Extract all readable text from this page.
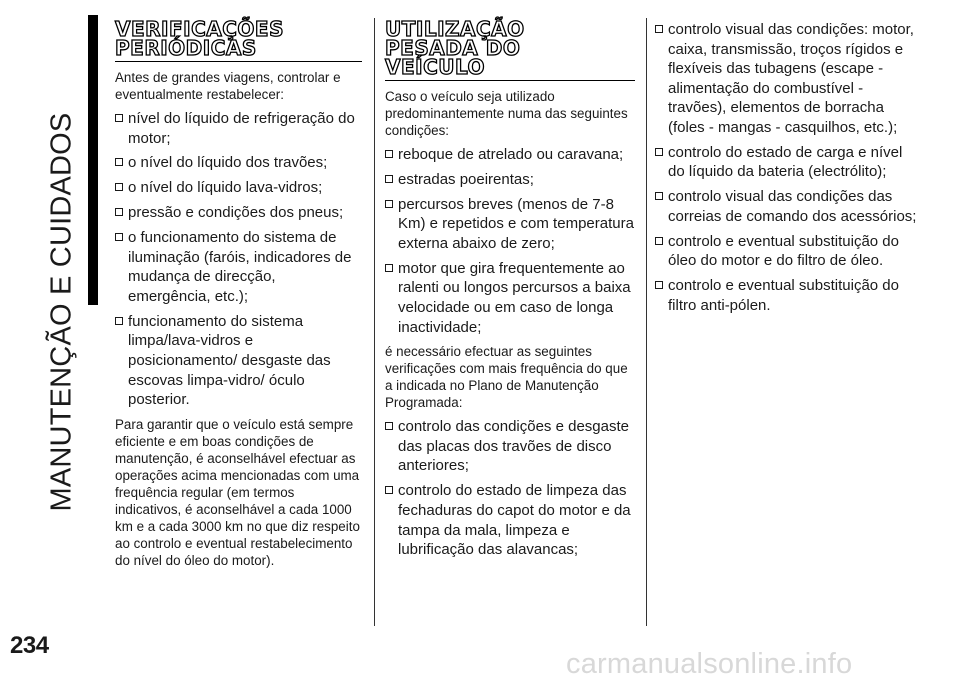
MANUTENÇÃO E CUIDADOS
234
VERIFICAÇÕES
PERIÓDICAS

Antes de grandes viagens, controlar e eventualmente restabelecer:

nível do líquido de refrigeração do motor;
o nível do líquido dos travões;
o nível do líquido lava-vidros;
pressão e condições dos pneus;
o funcionamento do sistema de iluminação (faróis, indicadores de mudança de direcção, emergência, etc.);
funcionamento do sistema limpa/lava-vidros e posicionamento/ desgaste das escovas limpa-vidro/ óculo posterior.

Para garantir que o veículo está sempre eficiente e em boas condições de manutenção, é aconselhável efectuar as operações acima mencionadas com uma frequência regular (em termos indicativos, é aconselhável a cada 1000 km e a cada 3000 km no que diz respeito ao controlo e eventual restabelecimento do nível do óleo do motor).

UTILIZAÇÃO
PESADA DO
VEÍCULO

Caso o veículo seja utilizado predominantemente numa das seguintes condições:

reboque de atrelado ou caravana;
estradas poeirentas;
percursos breves (menos de 7-8 Km) e repetidos e com temperatura externa abaixo de zero;
motor que gira frequentemente ao ralenti ou longos percursos a baixa velocidade ou em caso de longa inactividade;

é necessário efectuar as seguintes verificações com mais frequência do que a indicada no Plano de Manutenção Programada:

controlo das condições e desgaste das placas dos travões de disco anteriores;
controlo do estado de limpeza das fechaduras do capot do motor e da tampa da mala, limpeza e lubrificação das alavancas;
controlo visual das condições: motor, caixa, transmissão, troços rígidos e flexíveis das tubagens (escape - alimentação do combustível - travões), elementos de borracha (foles - mangas - casquilhos, etc.);
controlo do estado de carga e nível do líquido da bateria (electrólito);
controlo visual das condições das correias de comando dos acessórios;
controlo e eventual substituição do óleo do motor e do filtro de óleo.
controlo e eventual substituição do filtro anti-pólen.
carmanualsonline.info
